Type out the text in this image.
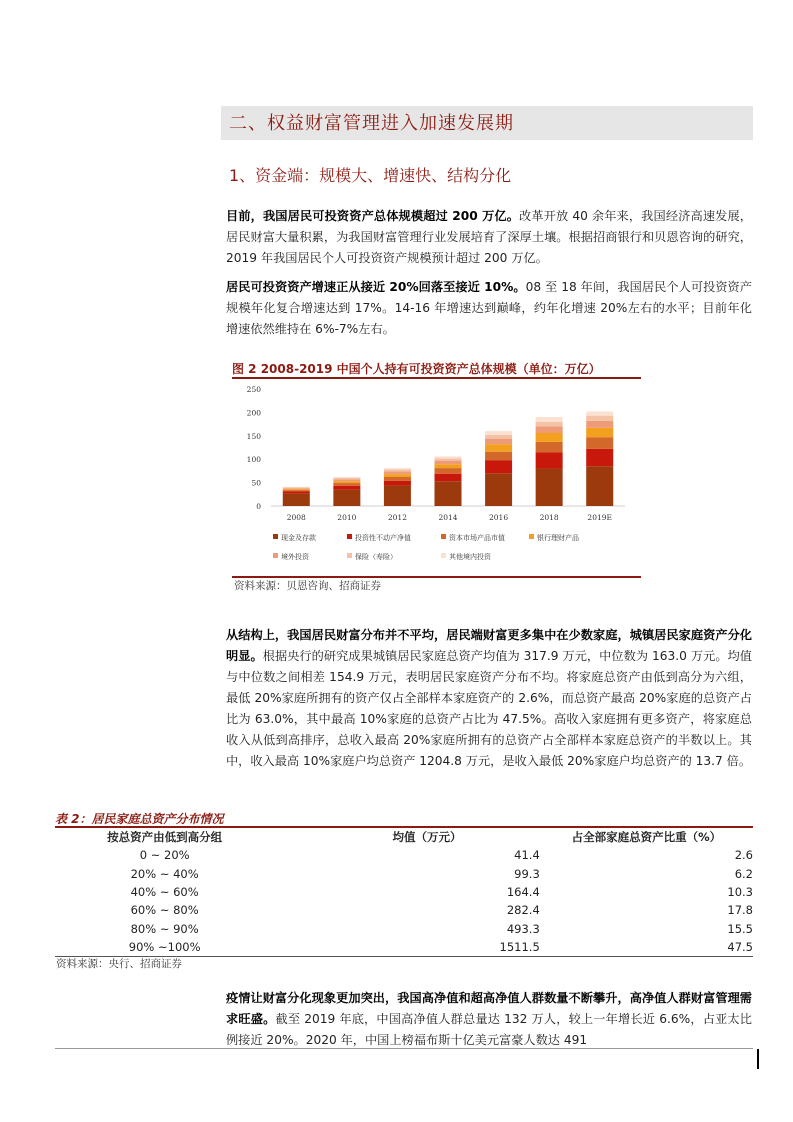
二、权益财富管理进入加速发展期
1、资金端：规模大、增速快、结构分化
目前，我国居民可投资资产总体规模超过 200 万亿。改革开放 40 余年来，我国经济高速发展，居民财富大量积累，为我国财富管理行业发展培育了深厚土壤。根据招商银行和贝恩咨询的研究，2019 年我国居民个人可投资资产规模预计超过 200 万亿。
居民可投资资产增速正从接近 20%回落至接近 10%。08 至 18 年间，我国居民个人可投资资产规模年化复合增速达到 17%。14-16 年增速达到巅峰，约年化增速 20%左右的水平；目前年化增速依然维持在 6%-7%左右。
图 2 2008-2019 中国个人持有可投资资产总体规模（单位：万亿）
0
50
100
150
200
250
2008	2010	2012	2014	2016	2018	2019E
现金及存款	投资性不动产净值	资本市场产品市值	银行理财产品
境外投资	保险（寿险）	其他境内投资
资料来源：贝恩咨询、招商证券
从结构上，我国居民财富分布并不平均，居民端财富更多集中在少数家庭，城镇居民家庭资产分化明显。根据央行的研究成果城镇居民家庭总资产均值为 317.9 万元，中位数为 163.0 万元。均值与中位数之间相差 154.9 万元，表明居民家庭资产分布不均。将家庭总资产由低到高分为六组，最低 20%家庭所拥有的资产仅占全部样本家庭资产的 2.6%，而总资产最高 20%家庭的总资产占比为 63.0%，其中最高 10%家庭的总资产占比为 47.5%。高收入家庭拥有更多资产，将家庭总收入从低到高排序，总收入最高 20%家庭所拥有的总资产占全部样本家庭总资产的半数以上。其中，收入最高 10%家庭户均总资产 1204.8 万元，是收入最低 20%家庭户均总资产的 13.7 倍。
表 2：居民家庭总资产分布情况
按总资产由低到高分组	均值（万元）	占全部家庭总资产比重（%）
0 ~ 20%	41.4	2.6
20% ~ 40%	99.3	6.2
40% ~ 60%	164.4	10.3
60% ~ 80%	282.4	17.8
80% ~ 90%	493.3	15.5
90% ~100%	1511.5	47.5
资料来源：央行、招商证券
疫情让财富分化现象更加突出，我国高净值和超高净值人群数量不断攀升，高净值人群财富管理需求旺盛。截至 2019 年底，中国高净值人群总量达 132 万人，较上一年增长近 6.6%，占亚太比例接近 20%。2020 年，中国上榜福布斯十亿美元富豪人数达 491
